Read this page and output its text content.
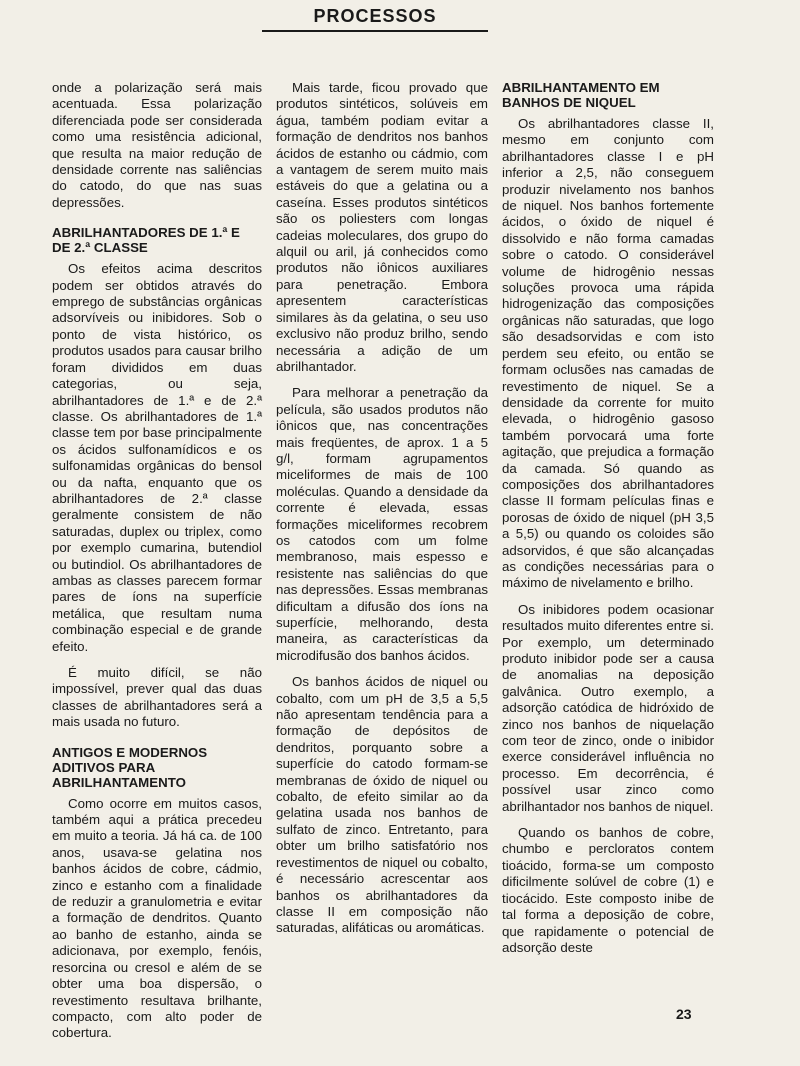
PROCESSOS

onde a polarização será mais acentuada. Essa polarização diferenciada pode ser considerada como uma resistência adicional, que resulta na maior redução de densidade corrente nas saliências do catodo, do que nas suas depressões.

ABRILHANTADORES DE 1.ª E DE 2.ª CLASSE

Os efeitos acima descritos podem ser obtidos através do emprego de substâncias orgânicas adsorvíveis ou inibidores. Sob o ponto de vista histórico, os produtos usados para causar brilho foram divididos em duas categorias, ou seja, abrilhantadores de 1.ª e de 2.ª classe. Os abrilhantadores de 1.ª classe tem por base principalmente os ácidos sulfonamídicos e os sulfonamidas orgânicas do bensol ou da nafta, enquanto que os abrilhantadores de 2.ª classe geralmente consistem de não saturadas, duplex ou triplex, como por exemplo cumarina, butendiol ou butindiol. Os abrilhantadores de ambas as classes parecem formar pares de íons na superfície metálica, que resultam numa combinação especial e de grande efeito.

É muito difícil, se não impossível, prever qual das duas classes de abrilhantadores será a mais usada no futuro.

ANTIGOS E MODERNOS ADITIVOS PARA ABRILHANTAMENTO

Como ocorre em muitos casos, também aqui a prática precedeu em muito a teoria. Já há ca. de 100 anos, usava-se gelatina nos banhos ácidos de cobre, cádmio, zinco e estanho com a finalidade de reduzir a granulometria e evitar a formação de dendritos. Quanto ao banho de estanho, ainda se adicionava, por exemplo, fenóis, resorcina ou cresol e além de se obter uma boa dispersão, o revestimento resultava brilhante, compacto, com alto poder de cobertura.

Mais tarde, ficou provado que produtos sintéticos, solúveis em água, também podiam evitar a formação de dendritos nos banhos ácidos de estanho ou cádmio, com a vantagem de serem muito mais estáveis do que a gelatina ou a caseína. Esses produtos sintéticos são os poliesters com longas cadeias moleculares, dos grupo do alquil ou aril, já conhecidos como produtos não iônicos auxiliares para penetração. Embora apresentem características similares às da gelatina, o seu uso exclusivo não produz brilho, sendo necessária a adição de um abrilhantador.

Para melhorar a penetração da película, são usados produtos não iônicos que, nas concentrações mais freqüentes, de aprox. 1 a 5 g/l, formam agrupamentos miceliformes de mais de 100 moléculas. Quando a densidade da corrente é elevada, essas formações miceliformes recobrem os catodos com um folme membranoso, mais espesso e resistente nas saliências do que nas depressões. Essas membranas dificultam a difusão dos íons na superfície, melhorando, desta maneira, as características da microdifusão dos banhos ácidos.

Os banhos ácidos de niquel ou cobalto, com um pH de 3,5 a 5,5 não apresentam tendência para a formação de depósitos de dendritos, porquanto sobre a superfície do catodo formam-se membranas de óxido de niquel ou cobalto, de efeito similar ao da gelatina usada nos banhos de sulfato de zinco. Entretanto, para obter um brilho satisfatório nos revestimentos de niquel ou cobalto, é necessário acrescentar aos banhos os abrilhantadores da classe II em composição não saturadas, alifáticas ou aromáticas.

ABRILHANTAMENTO EM BANHOS DE NIQUEL

Os abrilhantadores classe II, mesmo em conjunto com abrilhantadores classe I e pH inferior a 2,5, não conseguem produzir nivelamento nos banhos de niquel. Nos banhos fortemente ácidos, o óxido de niquel é dissolvido e não forma camadas sobre o catodo. O considerável volume de hidrogênio nessas soluções provoca uma rápida hidrogenização das composições orgânicas não saturadas, que logo são desadsorvidas e com isto perdem seu efeito, ou então se formam oclusões nas camadas de revestimento de niquel. Se a densidade da corrente for muito elevada, o hidrogênio gasoso também porvocará uma forte agitação, que prejudica a formação da camada. Só quando as composições dos abrilhantadores classe II formam películas finas e porosas de óxido de niquel (pH 3,5 a 5,5) ou quando os coloides são adsorvidos, é que são alcançadas as condições necessárias para o máximo de nivelamento e brilho.

Os inibidores podem ocasionar resultados muito diferentes entre si. Por exemplo, um determinado produto inibidor pode ser a causa de anomalias na deposição galvânica. Outro exemplo, a adsorção catódica de hidróxido de zinco nos banhos de niquelação com teor de zinco, onde o inibidor exerce considerável influência no processo. Em decorrência, é possível usar zinco como abrilhantador nos banhos de niquel.

Quando os banhos de cobre, chumbo e percloratos contem tioácido, forma-se um composto dificilmente solúvel de cobre (1) e tiocácido. Este composto inibe de tal forma a deposição de cobre, que rapidamente o potencial de adsorção deste

23
